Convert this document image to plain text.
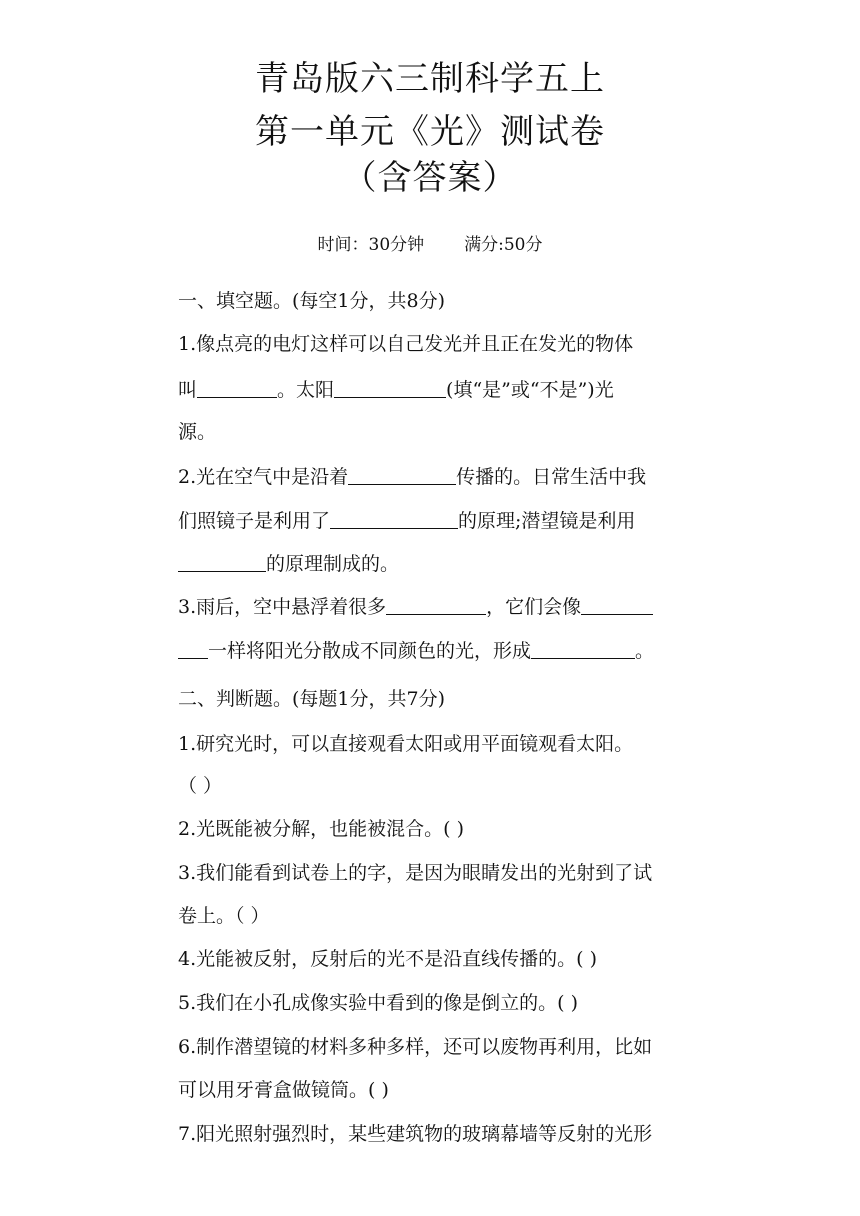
青岛版六三制科学五上
第一单元《光》测试卷
（含答案）
时间：30分钟 满分:50分
一、填空题。(每空1分，共8分)
1.像点亮的电灯这样可以自己发光并且正在发光的物体
叫	。太阳	(填“是”或“不是”)光
源。
2.光在空气中是沿着	传播的。日常生活中我
们照镜子是利用了	的原理;潜望镜是利用
的原理制成的。
3.雨后，空中悬浮着很多	，它们会像
一样将阳光分散成不同颜色的光，形成	。
二、判断题。(每题1分，共7分)
1.研究光时，可以直接观看太阳或用平面镜观看太阳。
（ ）
2.光既能被分解，也能被混合。( )
3.我们能看到试卷上的字，是因为眼睛发出的光射到了试
卷上。（ ）
4.光能被反射，反射后的光不是沿直线传播的。( )
5.我们在小孔成像实验中看到的像是倒立的。( )
6.制作潜望镜的材料多种多样，还可以废物再利用，比如
可以用牙膏盒做镜筒。( )
7.阳光照射强烈时，某些建筑物的玻璃幕墙等反射的光形
